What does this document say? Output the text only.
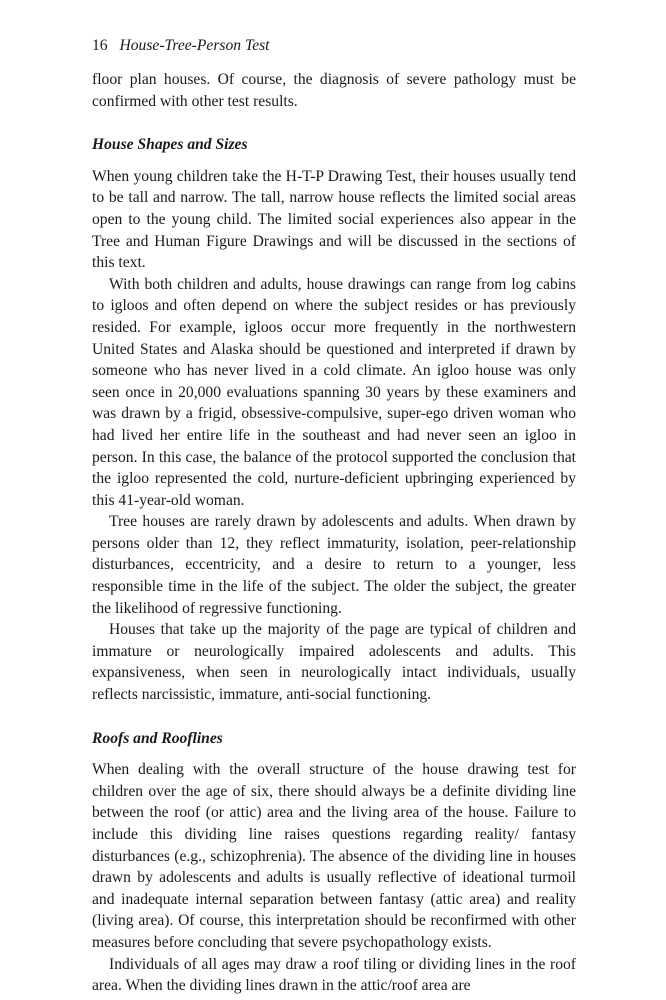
16 House-Tree-Person Test

floor plan houses. Of course, the diagnosis of severe pathology must be confirmed with other test results.

House Shapes and Sizes

When young children take the H-T-P Drawing Test, their houses usually tend to be tall and narrow. The tall, narrow house reflects the limited social areas open to the young child. The limited social experiences also appear in the Tree and Human Figure Drawings and will be discussed in the sections of this text.

With both children and adults, house drawings can range from log cabins to igloos and often depend on where the subject resides or has previously resided. For example, igloos occur more frequently in the northwestern United States and Alaska should be questioned and interpreted if drawn by someone who has never lived in a cold climate. An igloo house was only seen once in 20,000 evaluations spanning 30 years by these examiners and was drawn by a frigid, obsessive-compulsive, super-ego driven woman who had lived her entire life in the southeast and had never seen an igloo in person. In this case, the balance of the protocol supported the conclusion that the igloo represented the cold, nurture-deficient upbringing experienced by this 41-year-old woman.

Tree houses are rarely drawn by adolescents and adults. When drawn by persons older than 12, they reflect immaturity, isolation, peer-relationship disturbances, eccentricity, and a desire to return to a younger, less responsible time in the life of the subject. The older the subject, the greater the likelihood of regressive functioning.

Houses that take up the majority of the page are typical of children and immature or neurologically impaired adolescents and adults. This expansiveness, when seen in neurologically intact individuals, usually reflects narcissistic, immature, anti-social functioning.

Roofs and Rooflines

When dealing with the overall structure of the house drawing test for children over the age of six, there should always be a definite dividing line between the roof (or attic) area and the living area of the house. Failure to include this dividing line raises questions regarding reality/ fantasy disturbances (e.g., schizophrenia). The absence of the dividing line in houses drawn by adolescents and adults is usually reflective of ideational turmoil and inadequate internal separation between fantasy (attic area) and reality (living area). Of course, this interpretation should be reconfirmed with other measures before concluding that severe psychopathology exists.

Individuals of all ages may draw a roof tiling or dividing lines in the roof area. When the dividing lines drawn in the attic/roof area are
